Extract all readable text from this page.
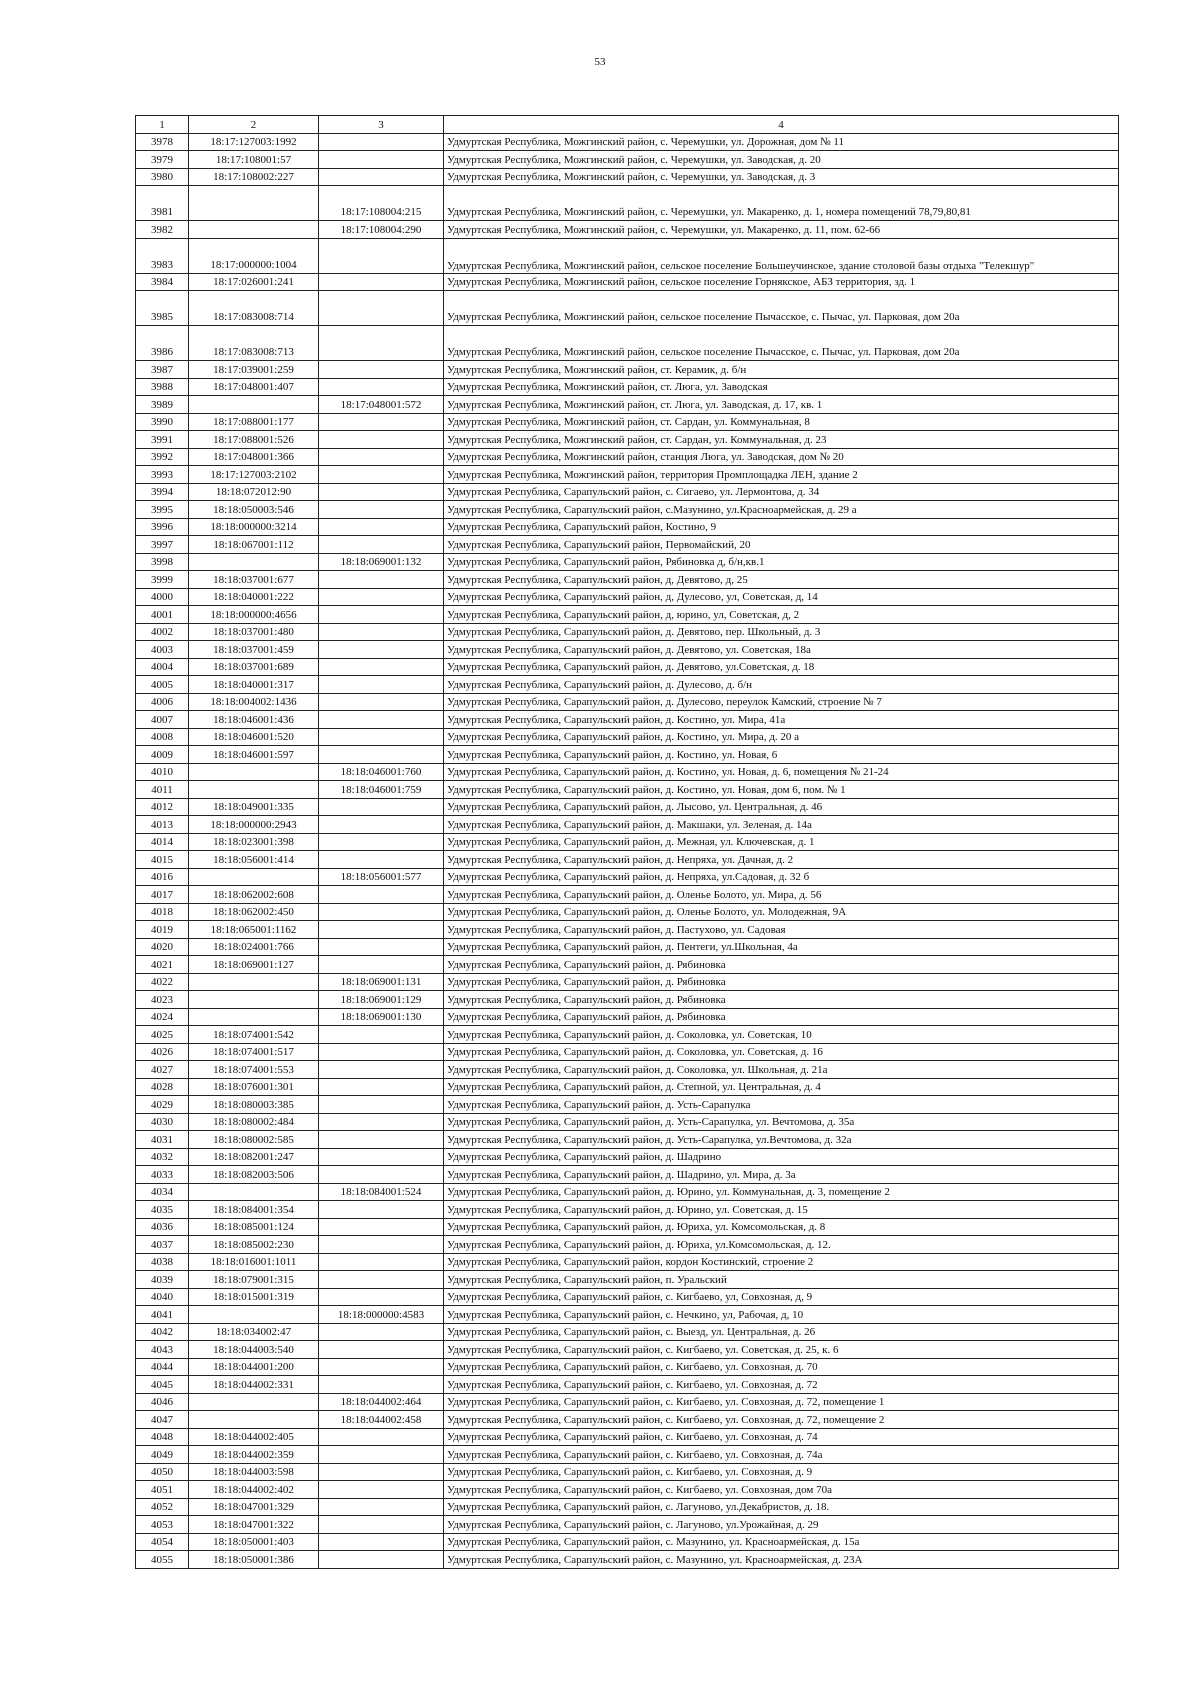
53
1	2	3	4
3978	18:17:127003:1992		Удмуртская Республика, Можгинский район, с. Черемушки, ул. Дорожная, дом № 11
3979	18:17:108001:57		Удмуртская Республика, Можгинский район, с. Черемушки, ул. Заводская, д. 20
3980	18:17:108002:227		Удмуртская Республика, Можгинский район, с. Черемушки, ул. Заводская, д. 3
3981		18:17:108004:215	Удмуртская Республика, Можгинский район, с. Черемушки, ул. Макаренко, д. 1, номера помещений 78,79,80,81
3982		18:17:108004:290	Удмуртская Республика, Можгинский район, с. Черемушки, ул. Макаренко, д. 11, пом. 62-66
3983	18:17:000000:1004		Удмуртская Республика, Можгинский район, сельское поселение Большеучинское, здание столовой базы отдыха "Телекшур"
3984	18:17:026001:241		Удмуртская Республика, Можгинский район, сельское поселение Горнякское, АБЗ территория, зд. 1
3985	18:17:083008:714		Удмуртская Республика, Можгинский район, сельское поселение Пычасское, с. Пычас, ул. Парковая, дом 20а
3986	18:17:083008:713		Удмуртская Республика, Можгинский район, сельское поселение Пычасское, с. Пычас, ул. Парковая, дом 20а
3987	18:17:039001:259		Удмуртская Республика, Можгинский район, ст. Керамик, д. б/н
3988	18:17:048001:407		Удмуртская Республика, Можгинский район, ст. Люга, ул. Заводская
3989		18:17:048001:572	Удмуртская Республика, Можгинский район, ст. Люга, ул. Заводская, д. 17, кв. 1
3990	18:17:088001:177		Удмуртская Республика, Можгинский район, ст. Сардан, ул. Коммунальная, 8
3991	18:17:088001:526		Удмуртская Республика, Можгинский район, ст. Сардан, ул. Коммунальная, д. 23
3992	18:17:048001:366		Удмуртская Республика, Можгинский район, станция Люга, ул. Заводская, дом № 20
3993	18:17:127003:2102		Удмуртская Республика, Можгинский район, территория Промплощадка ЛЕН, здание 2
3994	18:18:072012:90		Удмуртская Республика, Сарапульский район, с. Сигаево, ул. Лермонтова, д. 34
3995	18:18:050003:546		Удмуртская Республика, Сарапульский район, с.Мазунино, ул.Красноармейская, д. 29 а
3996	18:18:000000:3214		Удмуртская Республика, Сарапульский район, Костино, 9
3997	18:18:067001:112		Удмуртская Республика, Сарапульский район, Первомайский, 20
3998		18:18:069001:132	Удмуртская Республика, Сарапульский район, Рябиновка д, б/н,кв.1
3999	18:18:037001:677		Удмуртская Республика, Сарапульский район, д, Девятово, д, 25
4000	18:18:040001:222		Удмуртская Республика, Сарапульский район, д, Дулесово, ул, Советская, д, 14
4001	18:18:000000:4656		Удмуртская Республика, Сарапульский район, д, юрино, ул, Советская, д, 2
4002	18:18:037001:480		Удмуртская Республика, Сарапульский район, д. Девятово, пер. Школьный, д. 3
4003	18:18:037001:459		Удмуртская Республика, Сарапульский район, д. Девятово, ул. Советская, 18а
4004	18:18:037001:689		Удмуртская Республика, Сарапульский район, д. Девятово, ул.Советская, д. 18
4005	18:18:040001:317		Удмуртская Республика, Сарапульский район, д. Дулесово, д. б/н
4006	18:18:004002:1436		Удмуртская Республика, Сарапульский район, д. Дулесово, переулок Камский, строение № 7
4007	18:18:046001:436		Удмуртская Республика, Сарапульский район, д. Костино, ул. Мира, 41а
4008	18:18:046001:520		Удмуртская Республика, Сарапульский район, д. Костино, ул. Мира, д. 20 а
4009	18:18:046001:597		Удмуртская Республика, Сарапульский район, д. Костино, ул. Новая, 6
4010		18:18:046001:760	Удмуртская Республика, Сарапульский район, д. Костино, ул. Новая, д. 6, помещения № 21-24
4011		18:18:046001:759	Удмуртская Республика, Сарапульский район, д. Костино, ул. Новая, дом 6, пом. № 1
4012	18:18:049001:335		Удмуртская Республика, Сарапульский район, д. Лысово, ул. Центральная, д. 46
4013	18:18:000000:2943		Удмуртская Республика, Сарапульский район, д. Макшаки, ул. Зеленая, д. 14а
4014	18:18:023001:398		Удмуртская Республика, Сарапульский район, д. Межная, ул. Ключевская, д. 1
4015	18:18:056001:414		Удмуртская Республика, Сарапульский район, д. Непряха, ул. Дачная, д. 2
4016		18:18:056001:577	Удмуртская Республика, Сарапульский район, д. Непряха, ул.Садовая, д. 32 б
4017	18:18:062002:608		Удмуртская Республика, Сарапульский район, д. Оленье Болото, ул. Мира, д. 56
4018	18:18:062002:450		Удмуртская Республика, Сарапульский район, д. Оленье Болото, ул. Молодежная, 9А
4019	18:18:065001:1162		Удмуртская Республика, Сарапульский район, д. Пастухово, ул. Садовая
4020	18:18:024001:766		Удмуртская Республика, Сарапульский район, д. Пентеги, ул.Школьная, 4а
4021	18:18:069001:127		Удмуртская Республика, Сарапульский район, д. Рябиновка
4022		18:18:069001:131	Удмуртская Республика, Сарапульский район, д. Рябиновка
4023		18:18:069001:129	Удмуртская Республика, Сарапульский район, д. Рябиновка
4024		18:18:069001:130	Удмуртская Республика, Сарапульский район, д. Рябиновка
4025	18:18:074001:542		Удмуртская Республика, Сарапульский район, д. Соколовка, ул. Советская, 10
4026	18:18:074001:517		Удмуртская Республика, Сарапульский район, д. Соколовка, ул. Советская, д. 16
4027	18:18:074001:553		Удмуртская Республика, Сарапульский район, д. Соколовка, ул. Школьная, д. 21а
4028	18:18:076001:301		Удмуртская Республика, Сарапульский район, д. Степной, ул. Центральная, д. 4
4029	18:18:080003:385		Удмуртская Республика, Сарапульский район, д. Усть-Сарапулка
4030	18:18:080002:484		Удмуртская Республика, Сарапульский район, д. Усть-Сарапулка, ул. Вечтомова, д. 35а
4031	18:18:080002:585		Удмуртская Республика, Сарапульский район, д. Усть-Сарапулка, ул.Вечтомова, д. 32а
4032	18:18:082001:247		Удмуртская Республика, Сарапульский район, д. Шадрино
4033	18:18:082003:506		Удмуртская Республика, Сарапульский район, д. Шадрино, ул. Мира, д. 3а
4034		18:18:084001:524	Удмуртская Республика, Сарапульский район, д. Юрино, ул. Коммунальная, д. 3, помещение 2
4035	18:18:084001:354		Удмуртская Республика, Сарапульский район, д. Юрино, ул. Советская, д. 15
4036	18:18:085001:124		Удмуртская Республика, Сарапульский район, д. Юриха, ул. Комсомольская, д. 8
4037	18:18:085002:230		Удмуртская Республика, Сарапульский район, д. Юриха, ул.Комсомольская, д. 12.
4038	18:18:016001:1011		Удмуртская Республика, Сарапульский район, кордон Костинский, строение 2
4039	18:18:079001:315		Удмуртская Республика, Сарапульский район, п. Уральский
4040	18:18:015001:319		Удмуртская Республика, Сарапульский район, с. Кигбаево, ул, Совхозная, д, 9
4041		18:18:000000:4583	Удмуртская Республика, Сарапульский район, с. Нечкино, ул, Рабочая, д, 10
4042	18:18:034002:47		Удмуртская Республика, Сарапульский район, с. Выезд, ул. Центральная, д. 26
4043	18:18:044003:540		Удмуртская Республика, Сарапульский район, с. Кигбаево, ул. Советская, д. 25, к. 6
4044	18:18:044001:200		Удмуртская Республика, Сарапульский район, с. Кигбаево, ул. Совхозная, д. 70
4045	18:18:044002:331		Удмуртская Республика, Сарапульский район, с. Кигбаево, ул. Совхозная, д. 72
4046		18:18:044002:464	Удмуртская Республика, Сарапульский район, с. Кигбаево, ул. Совхозная, д. 72, помещение 1
4047		18:18:044002:458	Удмуртская Республика, Сарапульский район, с. Кигбаево, ул. Совхозная, д. 72, помещение 2
4048	18:18:044002:405		Удмуртская Республика, Сарапульский район, с. Кигбаево, ул. Совхозная, д. 74
4049	18:18:044002:359		Удмуртская Республика, Сарапульский район, с. Кигбаево, ул. Совхозная, д. 74а
4050	18:18:044003:598		Удмуртская Республика, Сарапульский район, с. Кигбаево, ул. Совхозная, д. 9
4051	18:18:044002:402		Удмуртская Республика, Сарапульский район, с. Кигбаево, ул. Совхозная, дом 70а
4052	18:18:047001:329		Удмуртская Республика, Сарапульский район, с. Лагуново, ул.Декабристов, д. 18.
4053	18:18:047001:322		Удмуртская Республика, Сарапульский район, с. Лагуново, ул.Урожайная, д. 29
4054	18:18:050001:403		Удмуртская Республика, Сарапульский район, с. Мазунино, ул. Красноармейская, д. 15а
4055	18:18:050001:386		Удмуртская Республика, Сарапульский район, с. Мазунино, ул. Красноармейская, д. 23А
